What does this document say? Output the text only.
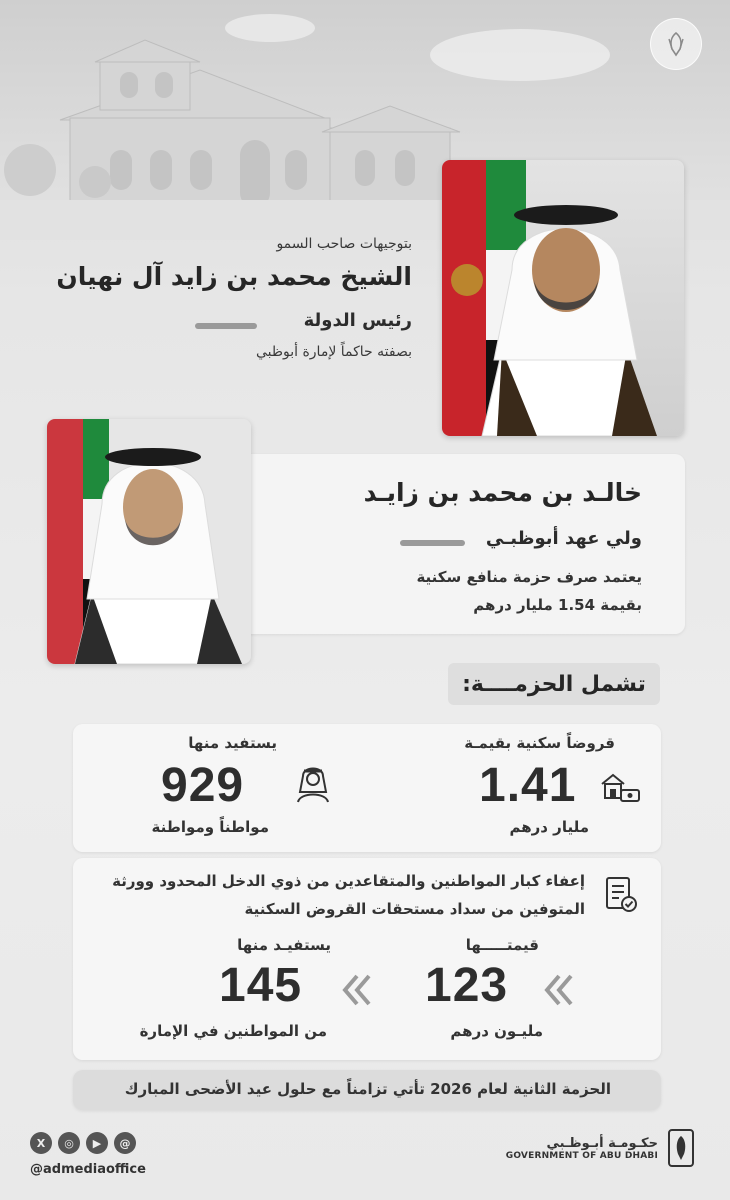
بتوجيهات صاحب السمو
الشيخ محمد بن زايد آل نهيان
رئيس الدولة
بصفته حاكماً لإمارة أبوظبي
خالـد بن محمد بن زايـد
ولي عهد أبوظبـي
يعتمد صرف حزمة منافع سكنية
بقيمة 1.54 مليار درهم
تشمل الحزمــــة:
قروضاً سكنية بقيمـة
1.41
مليار درهم
يستفيد منها
929
مواطناً ومواطنة
إعفاء كبار المواطنين والمتقاعدين من ذوي الدخل المحدود وورثة
المتوفين من سداد مستحقات القروض السكنية
قيمتـــــها
123
مليـون درهم
يستفيـد منها
145
من المواطنين في الإمارة
الحزمة الثانية لعام 2026 تأتي تزامناً مع حلول عيد الأضحى المبارك
X	◎	▶	@
@admediaoffice
حكـومـة أبـوظـبي
GOVERNMENT OF ABU DHABI
